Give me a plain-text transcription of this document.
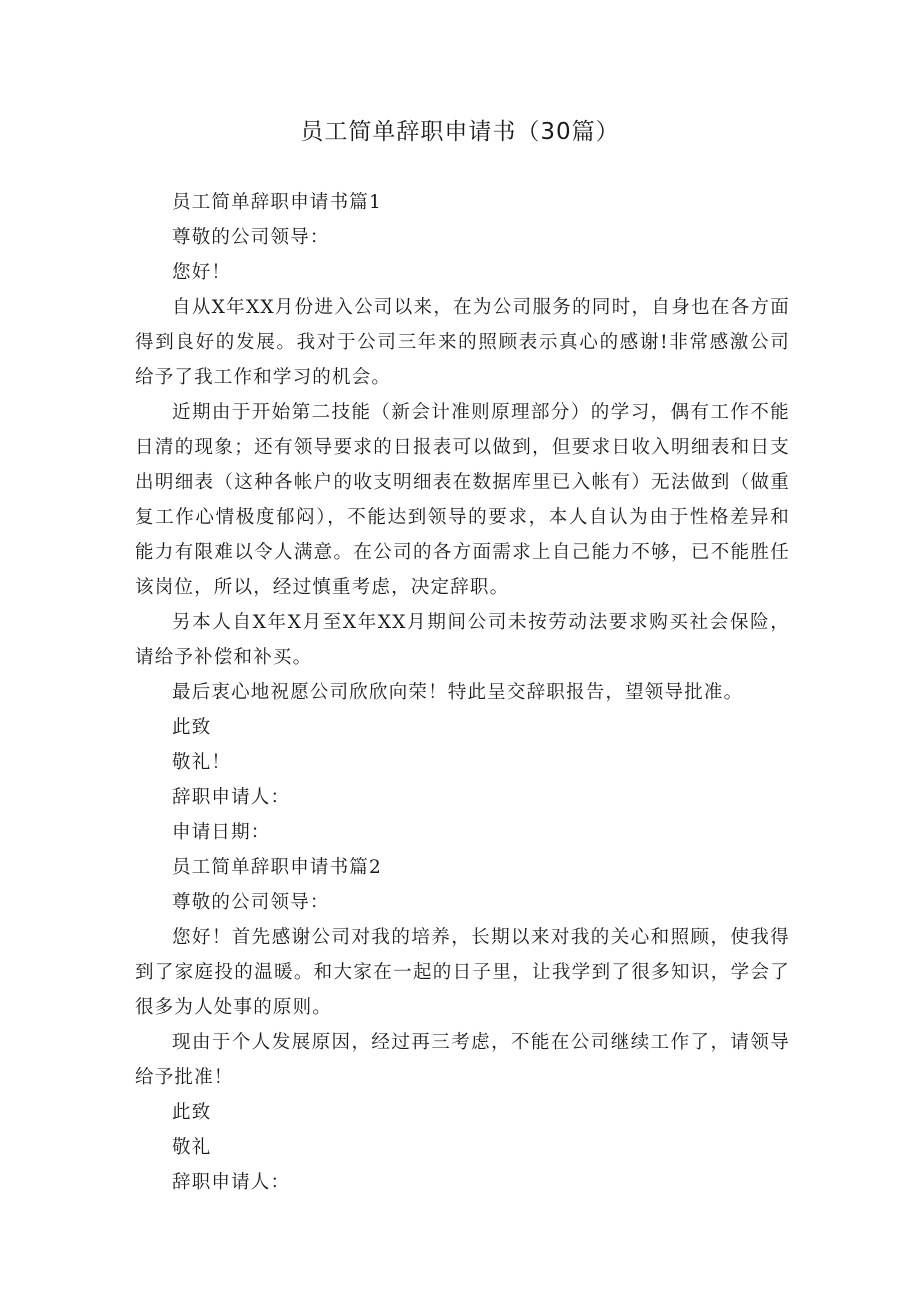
员工简单辞职申请书（30篇）

员工简单辞职申请书篇1

尊敬的公司领导：

您好！

自从X年XX月份进入公司以来，在为公司服务的同时，自身也在各方面得到良好的发展。我对于公司三年来的照顾表示真心的感谢!非常感激公司给予了我工作和学习的机会。

近期由于开始第二技能（新会计准则原理部分）的学习，偶有工作不能日清的现象；还有领导要求的日报表可以做到，但要求日收入明细表和日支出明细表（这种各帐户的收支明细表在数据库里已入帐有）无法做到（做重复工作心情极度郁闷），不能达到领导的要求，本人自认为由于性格差异和能力有限难以令人满意。在公司的各方面需求上自己能力不够，已不能胜任该岗位，所以，经过慎重考虑，决定辞职。

另本人自X年X月至X年XX月期间公司未按劳动法要求购买社会保险，请给予补偿和补买。

最后衷心地祝愿公司欣欣向荣！特此呈交辞职报告，望领导批准。

此致

敬礼！

辞职申请人：

申请日期：

员工简单辞职申请书篇2

尊敬的公司领导：

您好！首先感谢公司对我的培养，长期以来对我的关心和照顾，使我得到了家庭投的温暖。和大家在一起的日子里，让我学到了很多知识，学会了很多为人处事的原则。

现由于个人发展原因，经过再三考虑，不能在公司继续工作了，请领导给予批准！

此致

敬礼

辞职申请人：
